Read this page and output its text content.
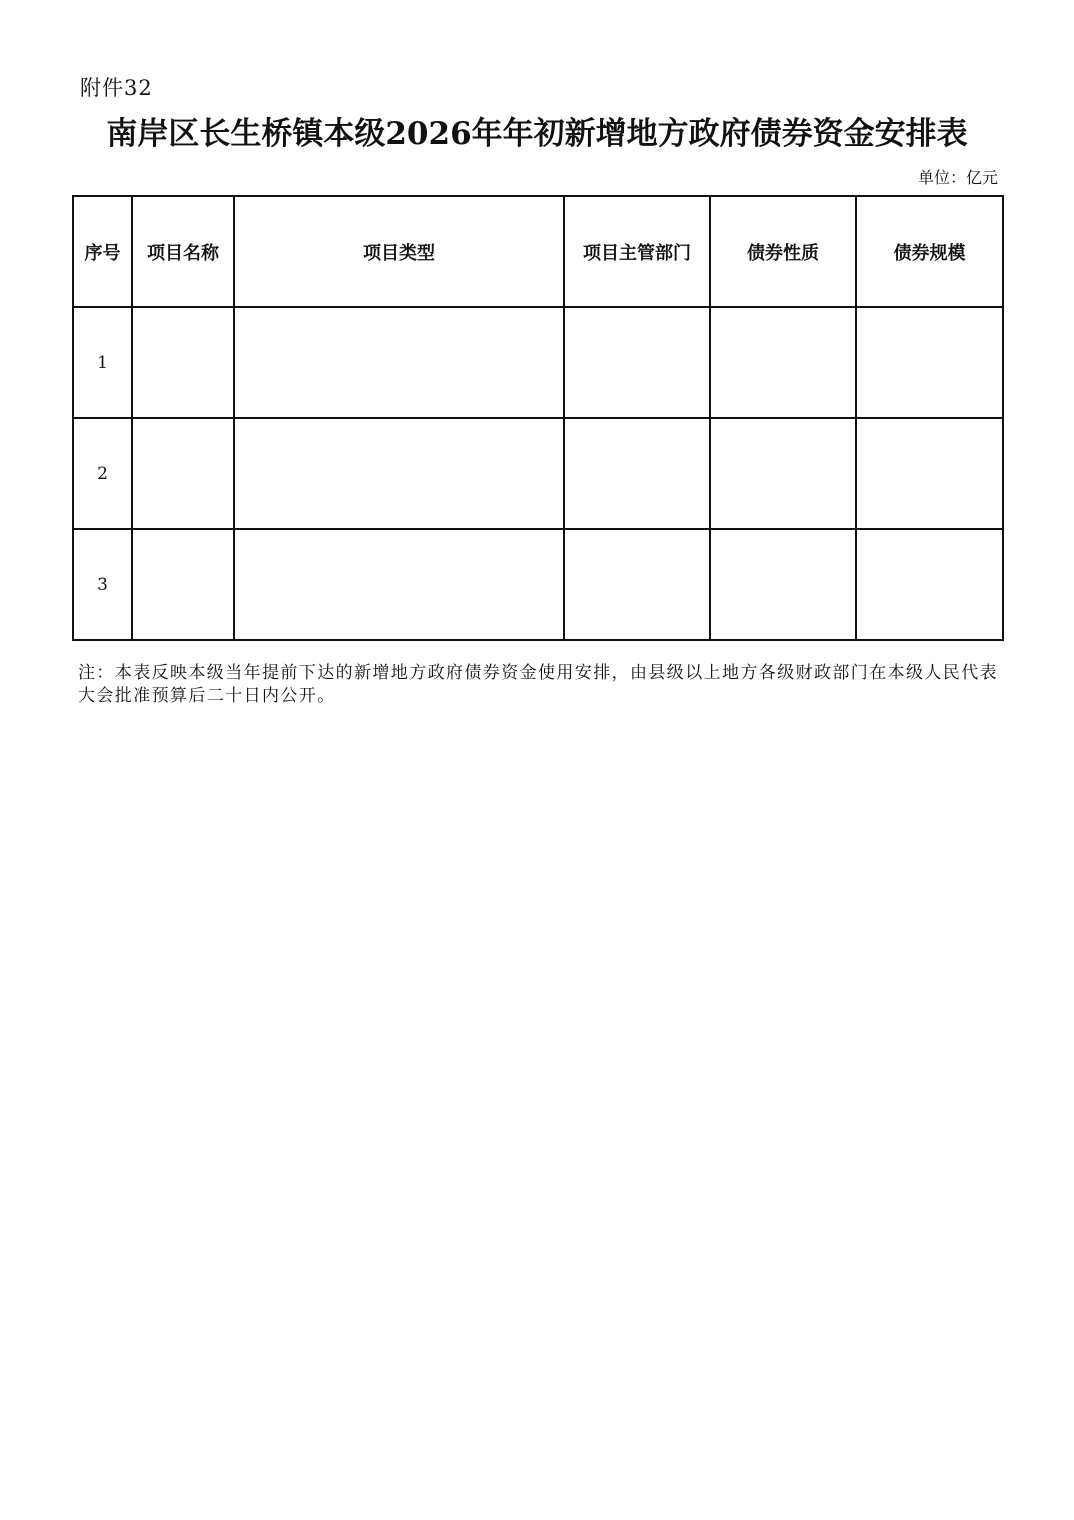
附件32
南岸区长生桥镇本级2026年年初新增地方政府债券资金安排表
单位：亿元
序号	项目名称	项目类型	项目主管部门	债券性质	债券规模
1					
2					
3					
注：本表反映本级当年提前下达的新增地方政府债券资金使用安排，由县级以上地方各级财政部门在本级人民代表大会批准预算后二十日内公开。
